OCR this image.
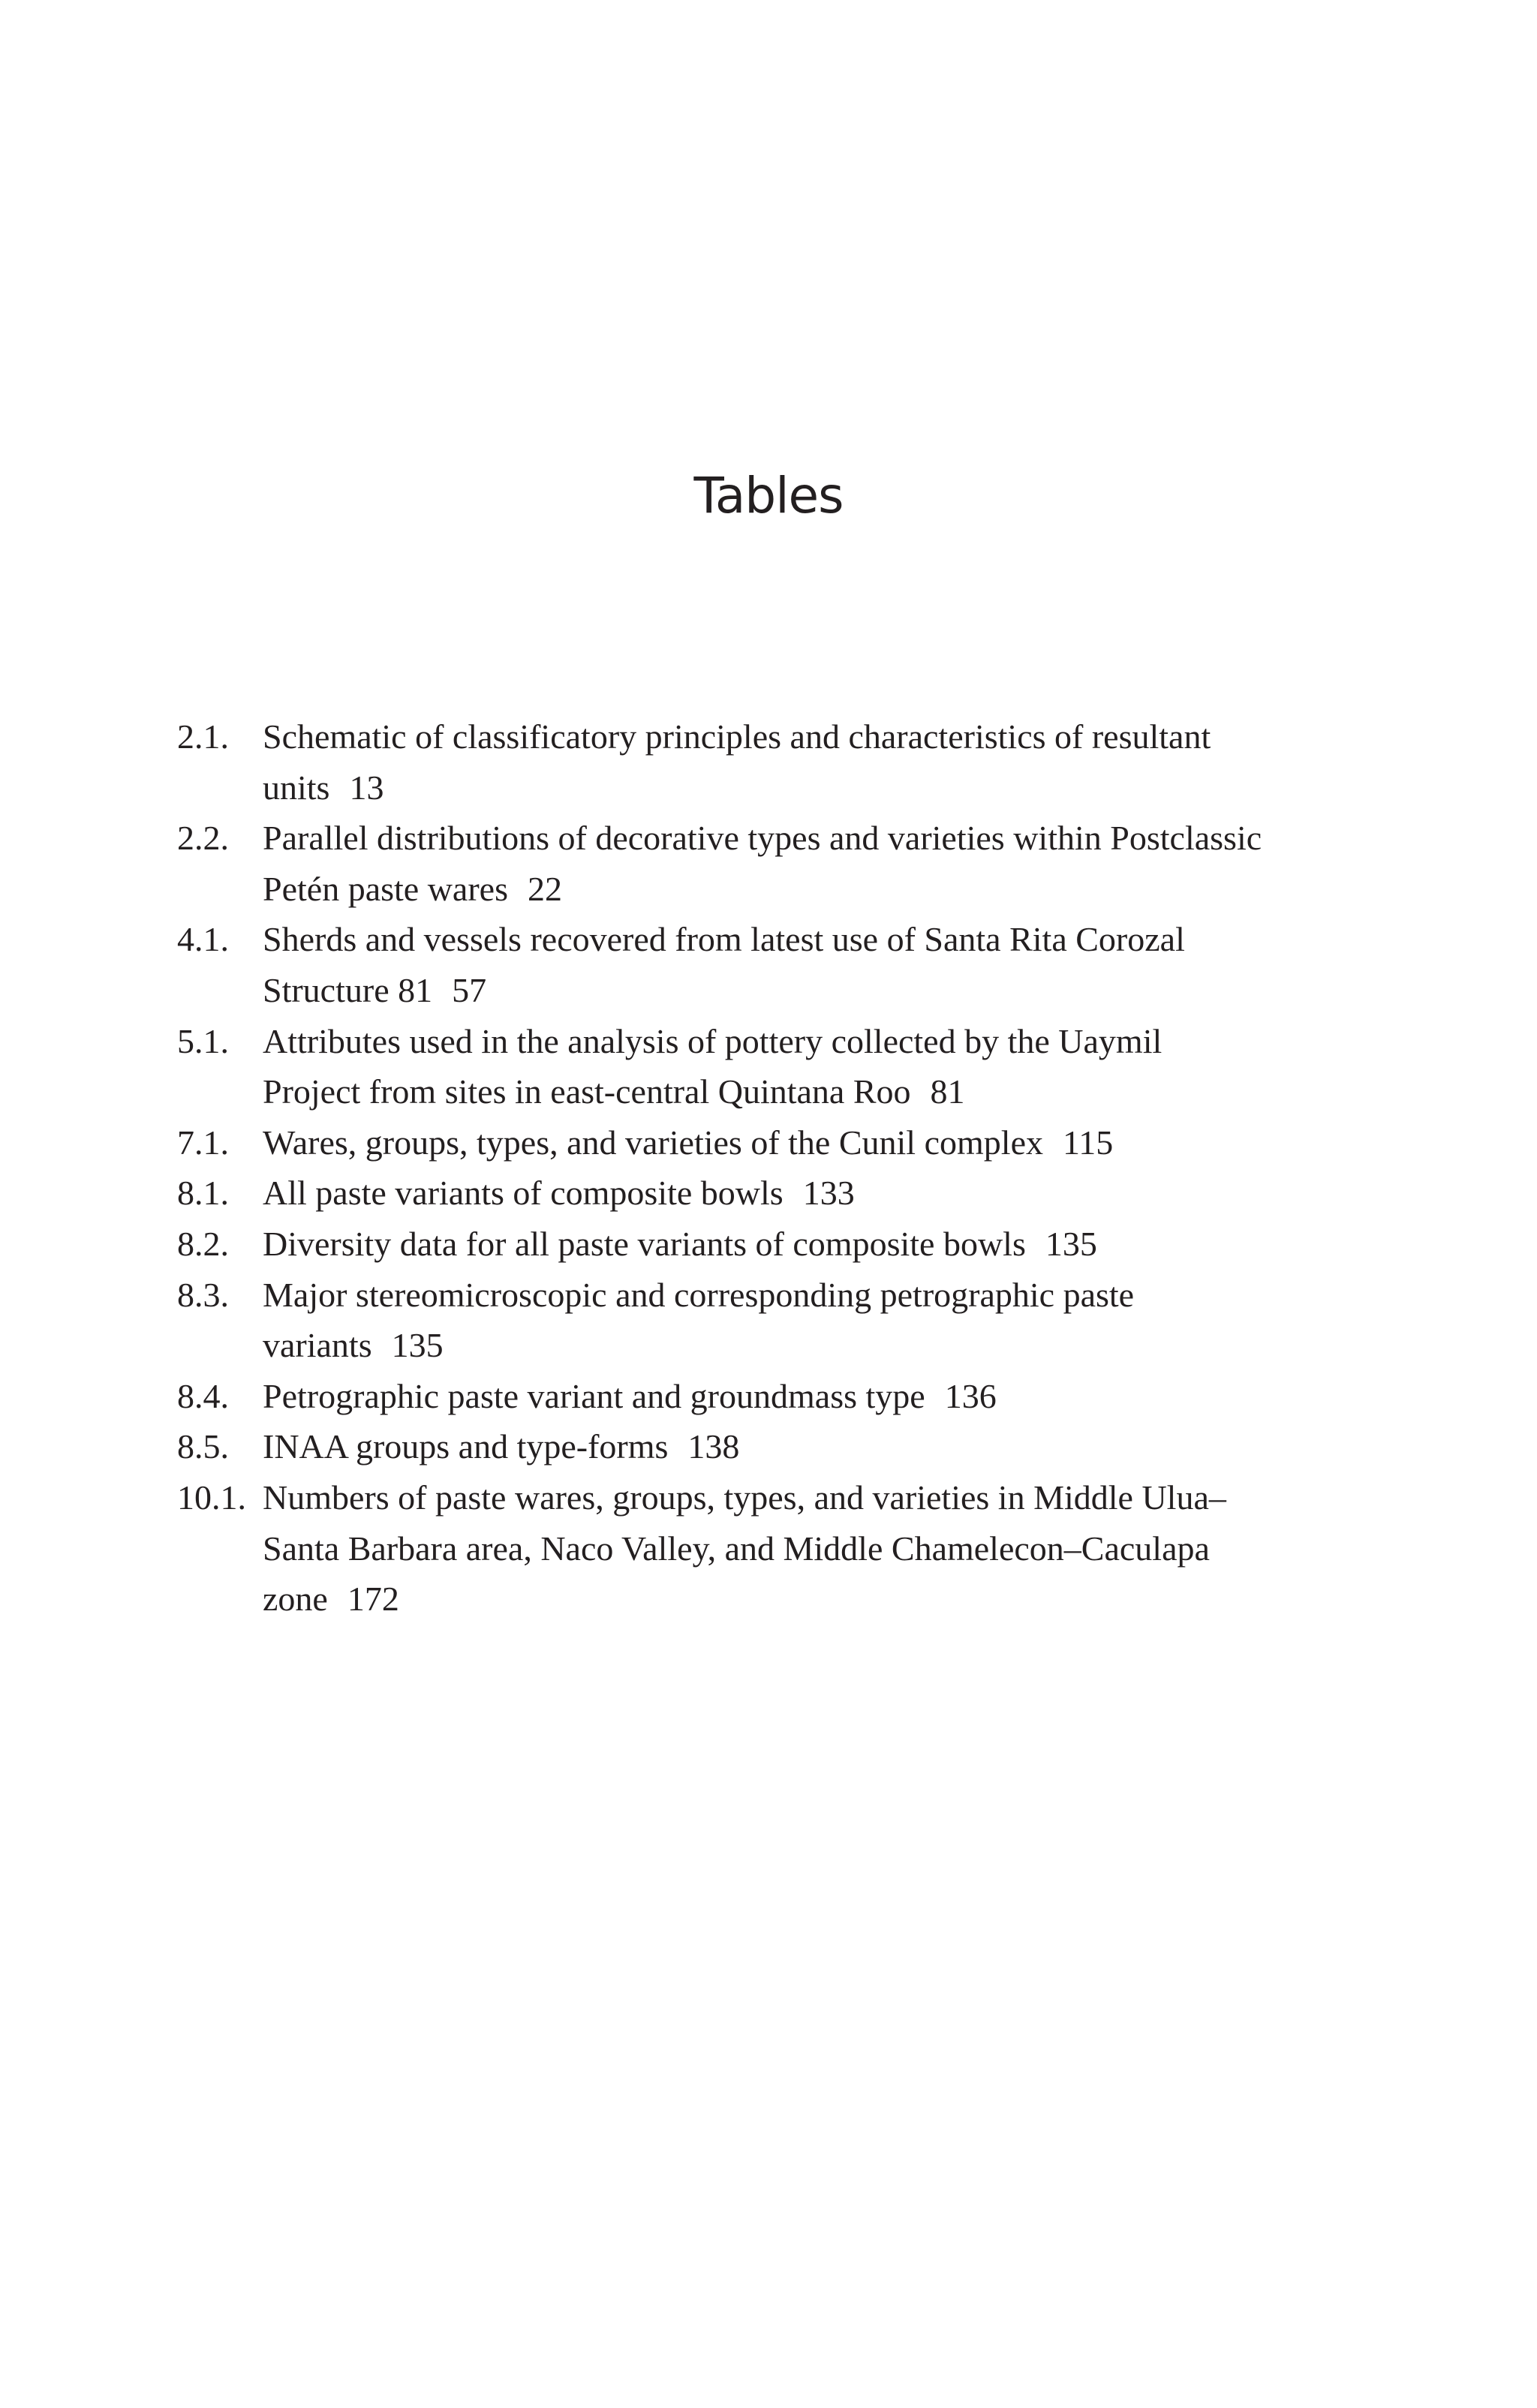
Tables
2.1. Schematic of classificatory principles and characteristics of resultant
units 13
2.2. Parallel distributions of decorative types and varieties within Postclassic
Petén paste wares 22
4.1. Sherds and vessels recovered from latest use of Santa Rita Corozal
Structure 81 57
5.1. Attributes used in the analysis of pottery collected by the Uaymil
Project from sites in east-central Quintana Roo 81
7.1. Wares, groups, types, and varieties of the Cunil complex 115
8.1. All paste variants of composite bowls 133
8.2. Diversity data for all paste variants of composite bowls 135
8.3. Major stereomicroscopic and corresponding petrographic paste
variants 135
8.4. Petrographic paste variant and groundmass type 136
8.5. INAA groups and type-forms 138
10.1. Numbers of paste wares, groups, types, and varieties in Middle Ulua–
Santa Barbara area, Naco Valley, and Middle Chamelecon–Caculapa
zone 172
